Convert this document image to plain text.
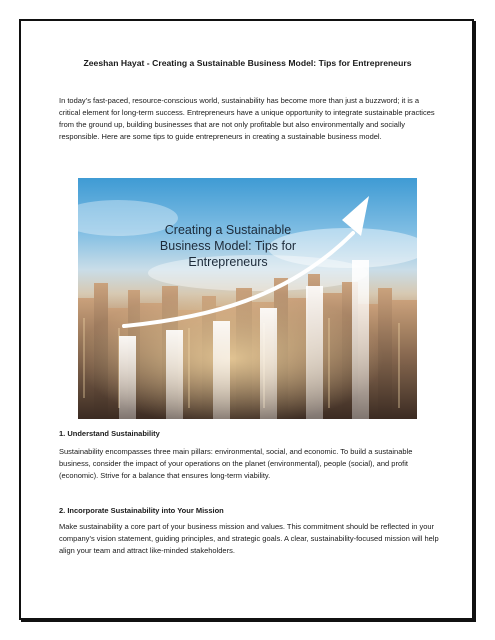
Zeeshan Hayat - Creating a Sustainable Business Model: Tips for Entrepreneurs
In today’s fast-paced, resource-conscious world, sustainability has become more than just a buzzword; it is a critical element for long-term success. Entrepreneurs have a unique opportunity to integrate sustainable practices from the ground up, building businesses that are not only profitable but also environmentally and socially responsible. Here are some tips to guide entrepreneurs in creating a sustainable business model.
Creating a Sustainable
Business Model: Tips for
Entrepreneurs
1. Understand Sustainability
Sustainability encompasses three main pillars: environmental, social, and economic. To build a sustainable business, consider the impact of your operations on the planet (environmental), people (social), and profit (economic). Strive for a balance that ensures long-term viability.
2. Incorporate Sustainability into Your Mission
Make sustainability a core part of your business mission and values. This commitment should be reflected in your company’s vision statement, guiding principles, and strategic goals. A clear, sustainability-focused mission will help align your team and attract like-minded stakeholders.
